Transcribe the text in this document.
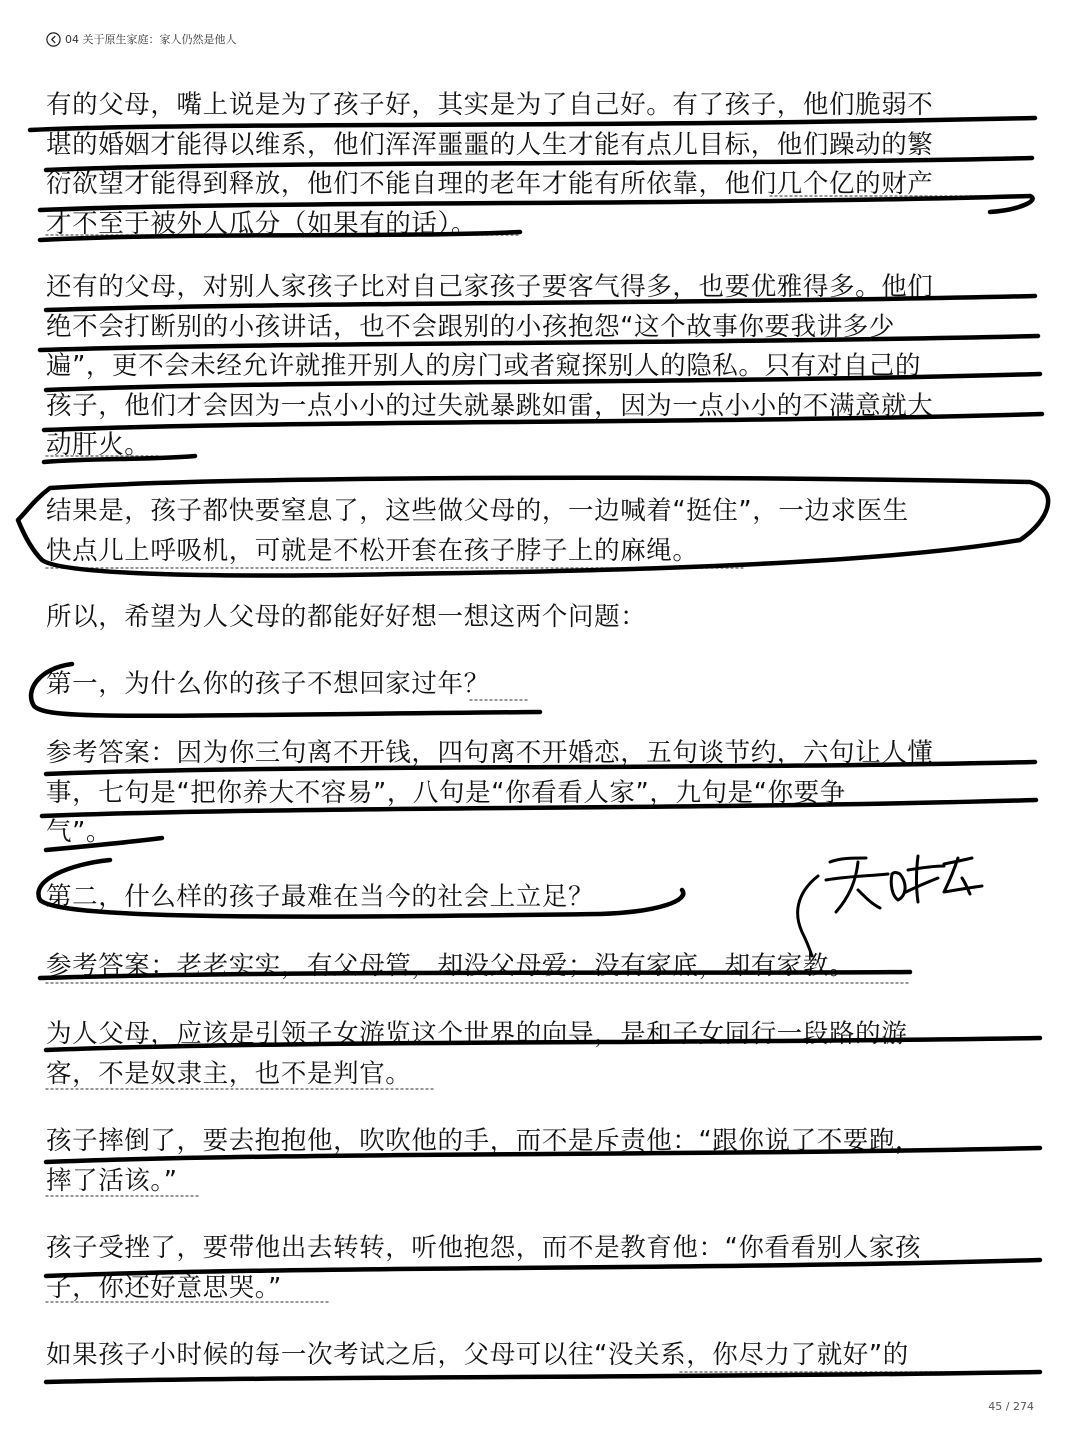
04 关于原生家庭：家人仍然是他人

有的父母，嘴上说是为了孩子好，其实是为了自己好。有了孩子，他们脆弱不
堪的婚姻才能得以维系，他们浑浑噩噩的人生才能有点儿目标，他们躁动的繁
衍欲望才能得到释放，他们不能自理的老年才能有所依靠，他们几个亿的财产
才不至于被外人瓜分（如果有的话）。

还有的父母，对别人家孩子比对自己家孩子要客气得多，也要优雅得多。他们
绝不会打断别的小孩讲话，也不会跟别的小孩抱怨“这个故事你要我讲多少
遍”，更不会未经允许就推开别人的房门或者窥探别人的隐私。只有对自己的
孩子，他们才会因为一点小小的过失就暴跳如雷，因为一点小小的不满意就大
动肝火。

结果是，孩子都快要窒息了，这些做父母的，一边喊着“挺住”，一边求医生
快点儿上呼吸机，可就是不松开套在孩子脖子上的麻绳。

所以，希望为人父母的都能好好想一想这两个问题：

第一，为什么你的孩子不想回家过年？

参考答案：因为你三句离不开钱，四句离不开婚恋，五句谈节约，六句让人懂
事，七句是“把你养大不容易”，八句是“你看看人家”，九句是“你要争
气”。

第二，什么样的孩子最难在当今的社会上立足？

参考答案：老老实实，有父母管，却没父母爱；没有家底，却有家教。

为人父母，应该是引领子女游览这个世界的向导，是和子女同行一段路的游
客，不是奴隶主，也不是判官。

孩子摔倒了，要去抱抱他，吹吹他的手，而不是斥责他：“跟你说了不要跑，
摔了活该。”

孩子受挫了，要带他出去转转，听他抱怨，而不是教育他：“你看看别人家孩
子，你还好意思哭。”

如果孩子小时候的每一次考试之后，父母可以往“没关系，你尽力了就好”的

45 / 274
